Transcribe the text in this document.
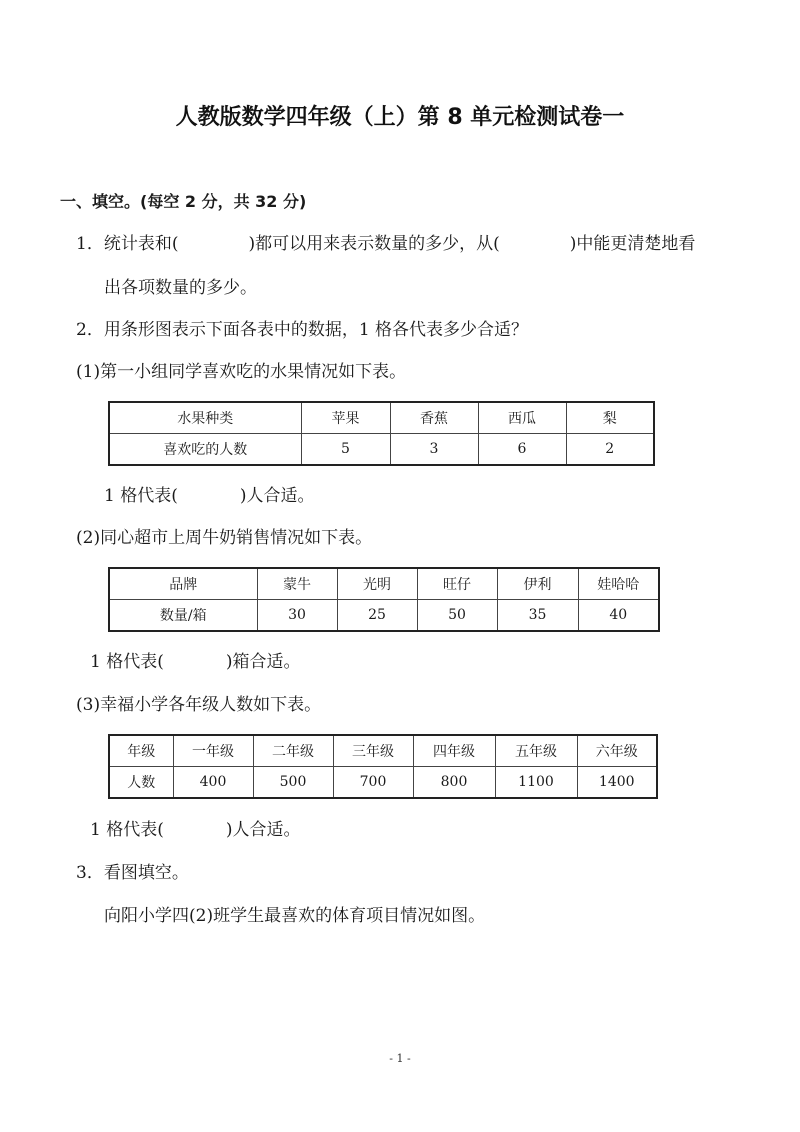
人教版数学四年级（上）第 8 单元检测试卷一
一、填空。(每空 2 分，共 32 分)
1．统计表和(	)都可以用来表示数量的多少，从(	)中能更清楚地看
出各项数量的多少。
2．用条形图表示下面各表中的数据，1 格各代表多少合适？
(1)第一小组同学喜欢吃的水果情况如下表。
水果种类	苹果	香蕉	西瓜	梨
喜欢吃的人数	5	3	6	2
1 格代表(	)人合适。
(2)同心超市上周牛奶销售情况如下表。
品牌	蒙牛	光明	旺仔	伊利	娃哈哈
数量/箱	30	25	50	35	40
1 格代表(	)箱合适。
(3)幸福小学各年级人数如下表。
年级	一年级	二年级	三年级	四年级	五年级	六年级
人数	400	500	700	800	1100	1400
1 格代表(	)人合适。
3．看图填空。
向阳小学四(2)班学生最喜欢的体育项目情况如图。
- 1 -
